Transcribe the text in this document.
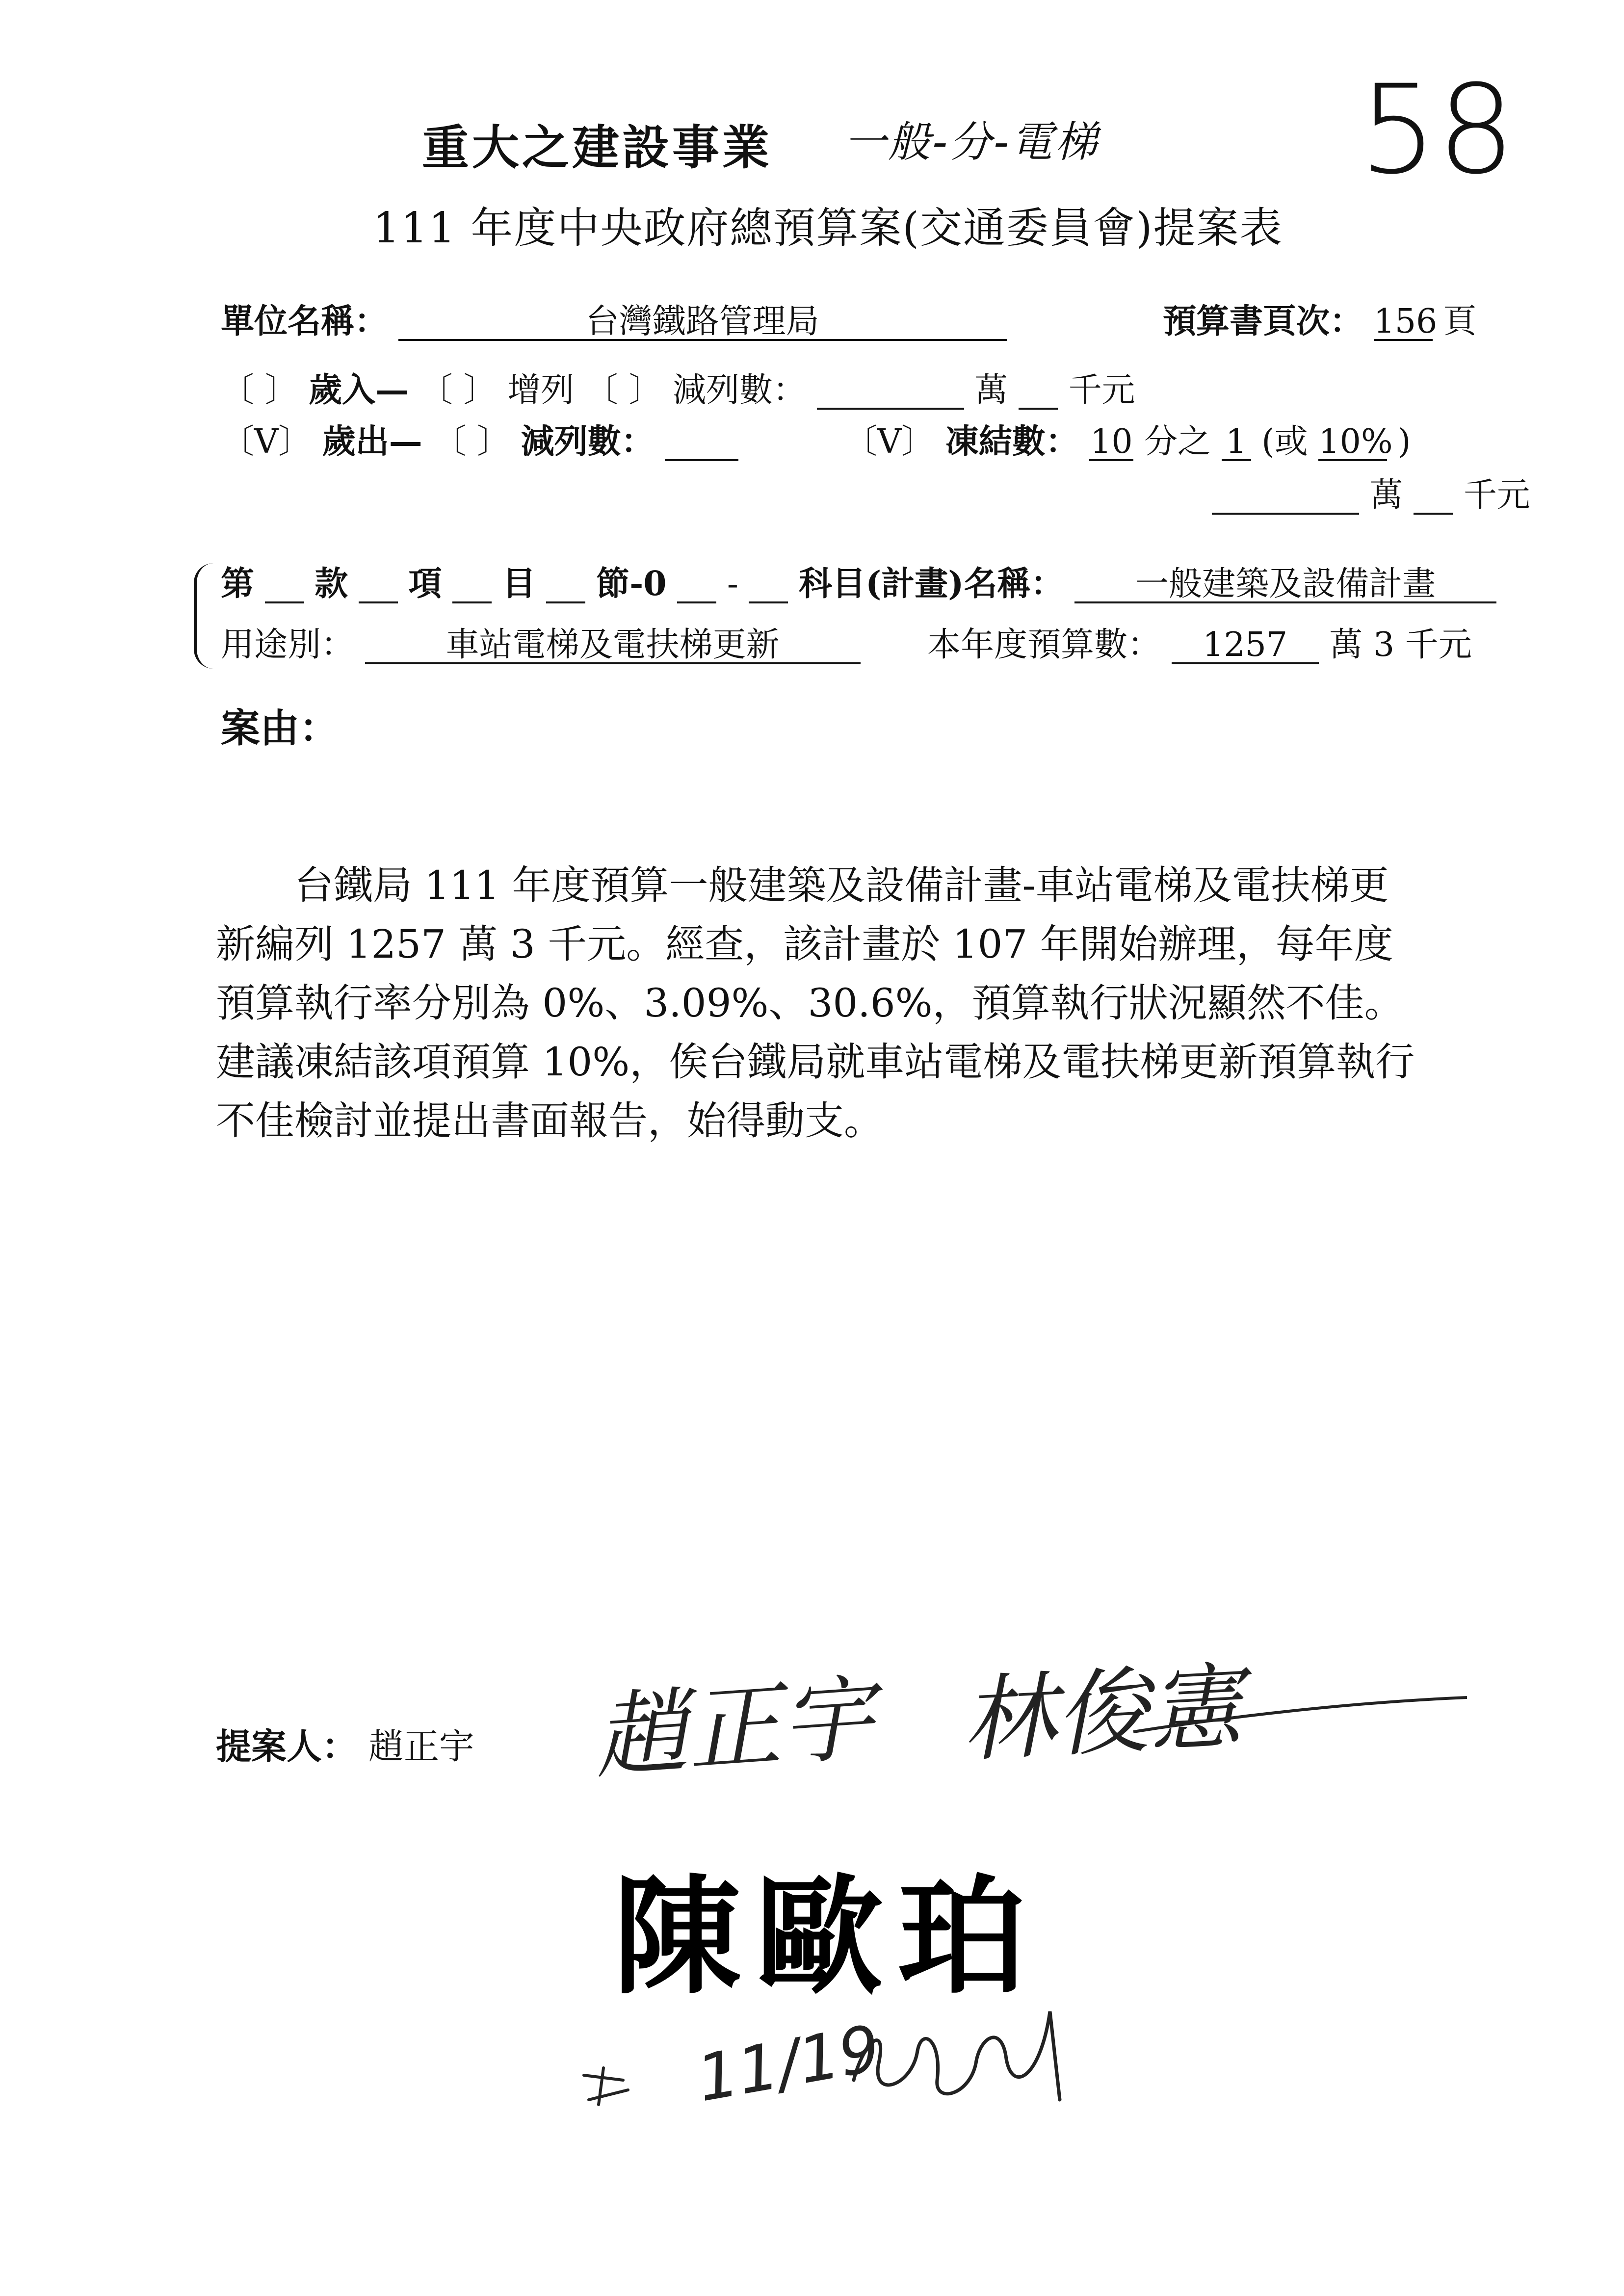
重大之建設事業 一般-分-電梯 58
111 年度中央政府總預算案(交通委員會)提案表
單位名稱：	台灣鐵路管理局	預算書頁次： 156 頁
〔 〕 歲入— 〔 〕 增列 〔 〕 減列數：	萬 千元
〔V〕 歲出— 〔 〕 減列數：	〔V〕 凍結數： 10 分之 1 (或 10% )
萬 千元
第 款 項 目 節-0 - 科目(計畫)名稱： 一般建築及設備計畫
用途別：	車站電梯及電扶梯更新	本年度預算數： 1257 萬 3 千元
案由：

台鐵局 111 年度預算一般建築及設備計畫-車站電梯及電扶梯更新編列 1257 萬 3 千元。經查，該計畫於 107 年開始辦理，每年度預算執行率分別為 0%、3.09%、30.6%，預算執行狀況顯然不佳。建議凍結該項預算 10%，俟台鐵局就車站電梯及電扶梯更新預算執行不佳檢討並提出書面報告，始得動支。

提案人： 趙正宇 趙正宇 林俊憲
陳歐珀
11/19
